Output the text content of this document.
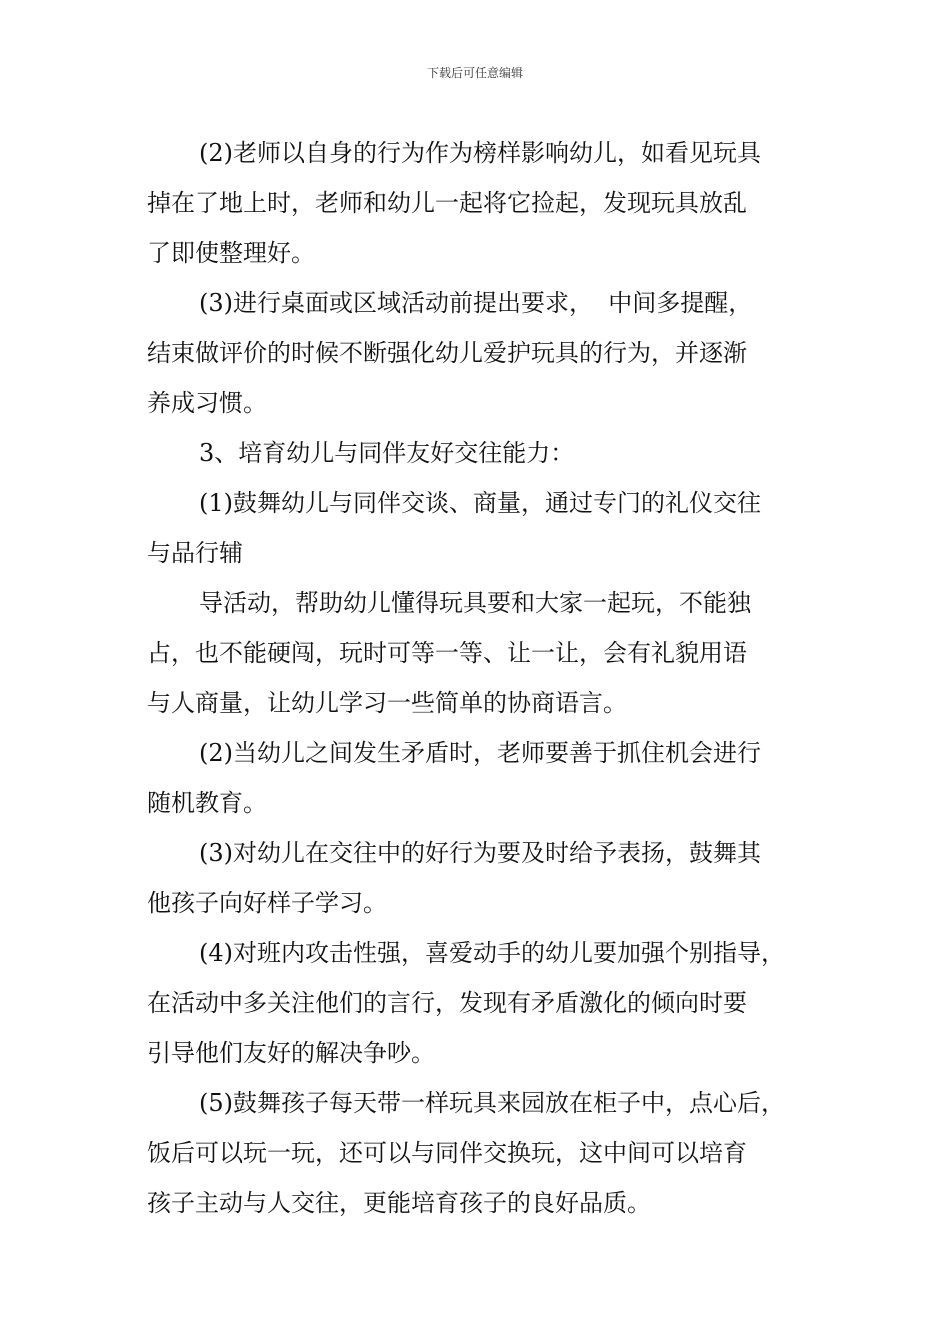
下载后可任意编辑
(2)老师以自身的行为作为榜样影响幼儿，如看见玩具
掉在了地上时，老师和幼儿一起将它捡起，发现玩具放乱
了即使整理好。
(3)进行桌面或区域活动前提出要求，  中间多提醒，
结束做评价的时候不断强化幼儿爱护玩具的行为，并逐渐
养成习惯。
3、培育幼儿与同伴友好交往能力：
(1)鼓舞幼儿与同伴交谈、商量，通过专门的礼仪交往
与品行辅
导活动，帮助幼儿懂得玩具要和大家一起玩，不能独
占，也不能硬闯，玩时可等一等、让一让，会有礼貌用语
与人商量，让幼儿学习一些简单的协商语言。
(2)当幼儿之间发生矛盾时，老师要善于抓住机会进行
随机教育。
(3)对幼儿在交往中的好行为要及时给予表扬，鼓舞其
他孩子向好样子学习。
(4)对班内攻击性强，喜爱动手的幼儿要加强个别指导，
在活动中多关注他们的言行，发现有矛盾激化的倾向时要
引导他们友好的解决争吵。
(5)鼓舞孩子每天带一样玩具来园放在柜子中，点心后，
饭后可以玩一玩，还可以与同伴交换玩，这中间可以培育
孩子主动与人交往，更能培育孩子的良好品质。
